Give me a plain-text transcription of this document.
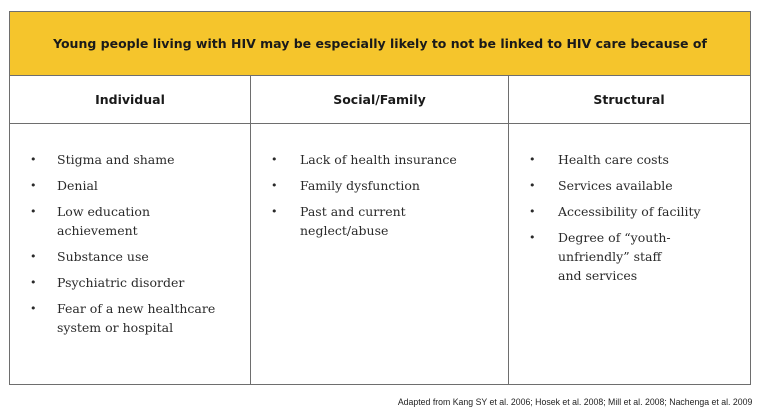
Young people living with HIV may be especially likely to not be linked to HIV care because of
Individual	Social/Family	Structural
• Stigma and shame
• Denial
• Low education
achievement
• Substance use
• Psychiatric disorder
• Fear of a new healthcare
system or hospital
• Lack of health insurance
• Family dysfunction
• Past and current
neglect/abuse
• Health care costs
• Services available
• Accessibility of facility
• Degree of “youth-
unfriendly” staff
and services
Adapted from Kang SY et al. 2006; Hosek et al. 2008; Mill et al. 2008; Nachenga et al. 2009
